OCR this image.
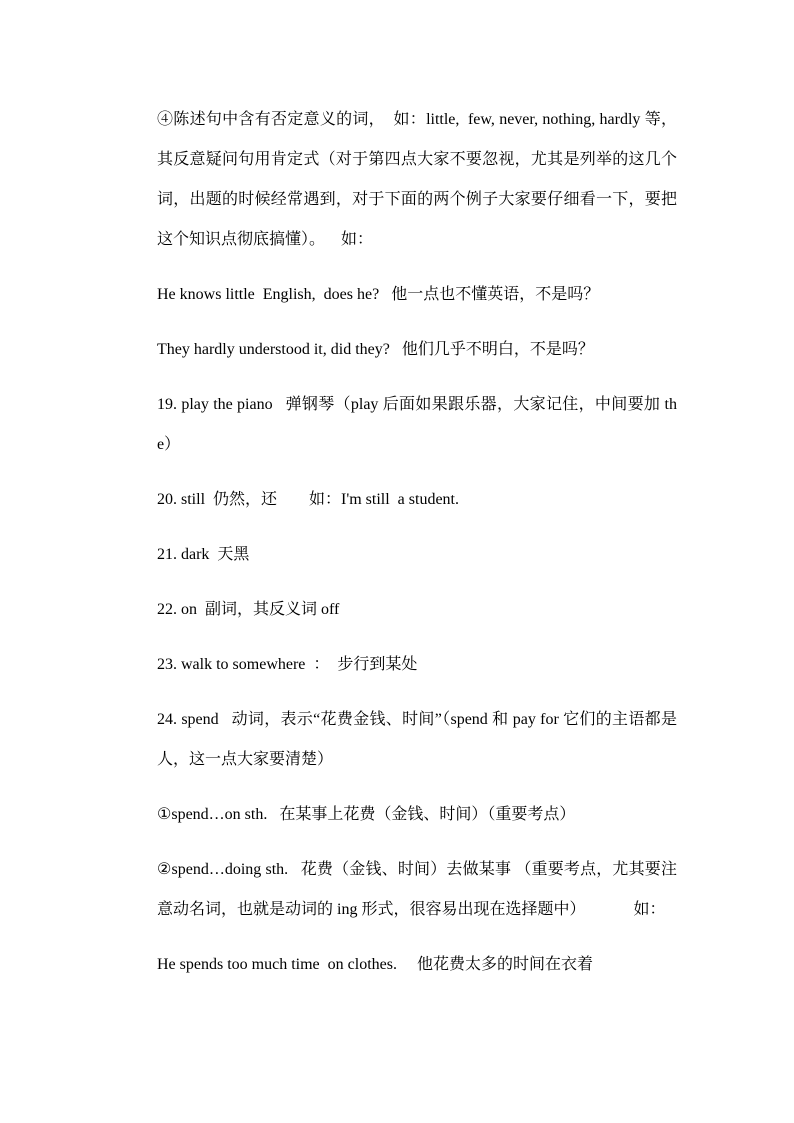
④陈述句中含有否定意义的词，  如：little,  few, never, nothing, hardly 等，其反意疑问句用肯定式（对于第四点大家不要忽视，尤其是列举的这几个词，出题的时候经常遇到，对于下面的两个例子大家要仔细看一下，要把这个知识点彻底搞懂）。    如：

He knows little  English,  does he?   他一点也不懂英语，不是吗？

They hardly understood it, did they?   他们几乎不明白，不是吗？

19. play the piano   弹钢琴（play 后面如果跟乐器，大家记住，中间要加 the）

20. still  仍然，还        如：I'm still  a student.

21. dark  天黑

22. on  副词，其反义词 off

23. walk to somewhere  ：  步行到某处

24. spend   动词，表示“花费金钱、时间”（spend 和 pay for 它们的主语都是人，这一点大家要清楚）

①spend…on sth.   在某事上花费（金钱、时间）（重要考点）

②spend…doing sth.   花费（金钱、时间）去做某事 （重要考点，尤其要注意动名词，也就是动词的 ing 形式，很容易出现在选择题中）            如：

He spends too much time  on clothes.     他花费太多的时间在衣着
